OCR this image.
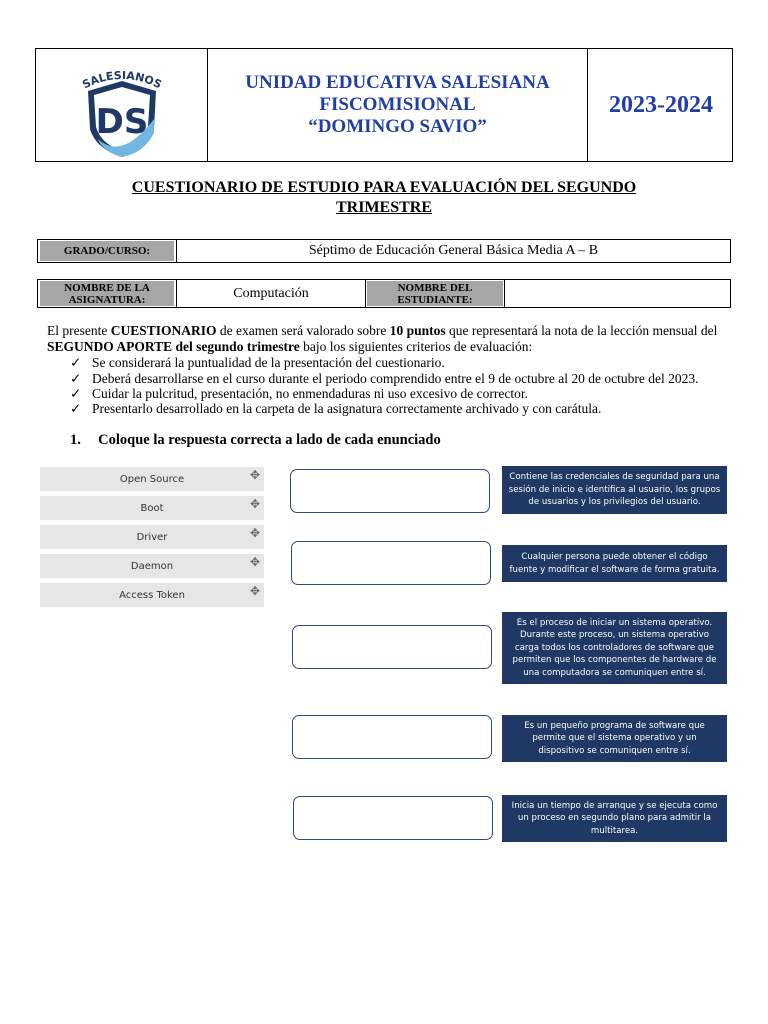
SALESIANOS
DS
UNIDAD EDUCATIVA SALESIANA
FISCOMISIONAL
“DOMINGO SAVIO”
2023-2024
CUESTIONARIO DE ESTUDIO PARA EVALUACIÓN DEL SEGUNDO
TRIMESTRE
GRADO/CURSO:	Séptimo de Educación General Básica Media A – B
NOMBRE DE LA ASIGNATURA:	Computación	NOMBRE DEL ESTUDIANTE:
El presente CUESTIONARIO de examen será valorado sobre 10 puntos que representará la nota de la lección mensual del SEGUNDO APORTE del segundo trimestre bajo los siguientes criterios de evaluación:
✓ Se considerará la puntualidad de la presentación del cuestionario.
✓ Deberá desarrollarse en el curso durante el periodo comprendido entre el 9 de octubre al 20 de octubre del 2023.
✓ Cuidar la pulcritud, presentación, no enmendaduras ni uso excesivo de corrector.
✓ Presentarlo desarrollado en la carpeta de la asignatura correctamente archivado y con carátula.
1. Coloque la respuesta correcta a lado de cada enunciado
Open Source	✥
Boot	✥
Driver	✥
Daemon	✥
Access Token	✥
Contiene las credenciales de seguridad para una sesión de inicio e identifica al usuario, los grupos de usuarios y los privilegios del usuario.
Cualquier persona puede obtener el código fuente y modificar el software de forma gratuita.
Es el proceso de iniciar un sistema operativo. Durante este proceso, un sistema operativo carga todos los controladores de software que permiten que los componentes de hardware de una computadora se comuniquen entre sí.
Es un pequeño programa de software que permite que el sistema operativo y un dispositivo se comuniquen entre sí.
Inicia un tiempo de arranque y se ejecuta como un proceso en segundo plano para admitir la multitarea.
